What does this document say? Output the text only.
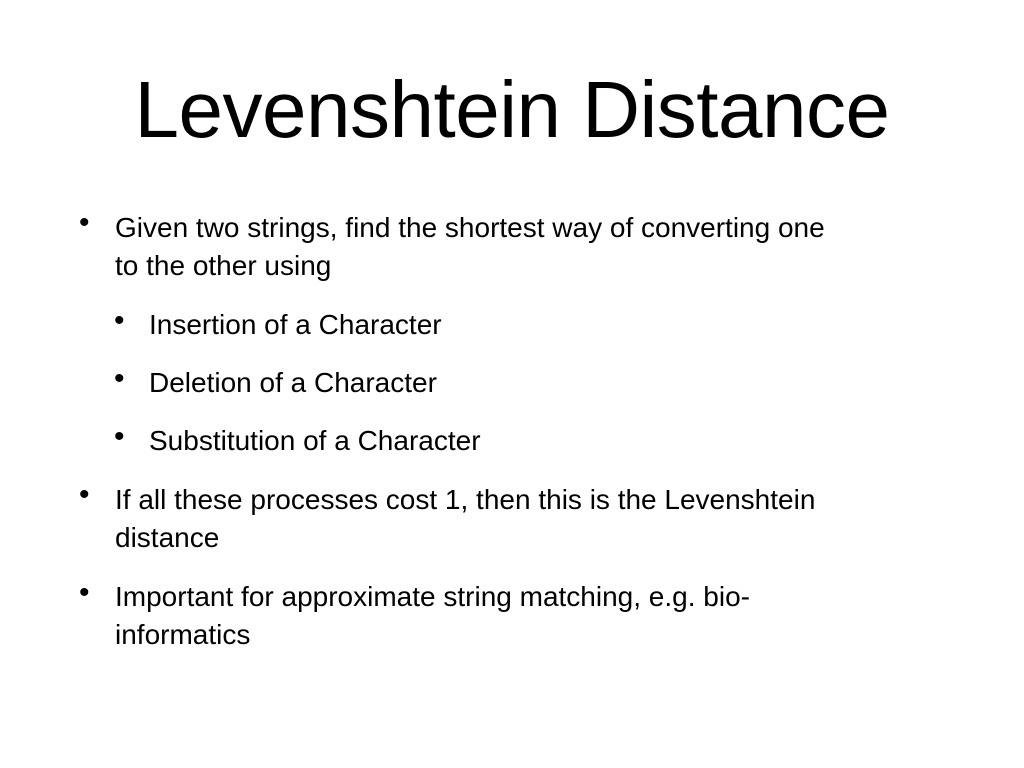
Levenshtein Distance
• Given two strings, find the shortest way of converting one
to the other using
• Insertion of a Character
• Deletion of a Character
• Substitution of a Character
• If all these processes cost 1, then this is the Levenshtein
distance
• Important for approximate string matching, e.g. bio-
informatics
